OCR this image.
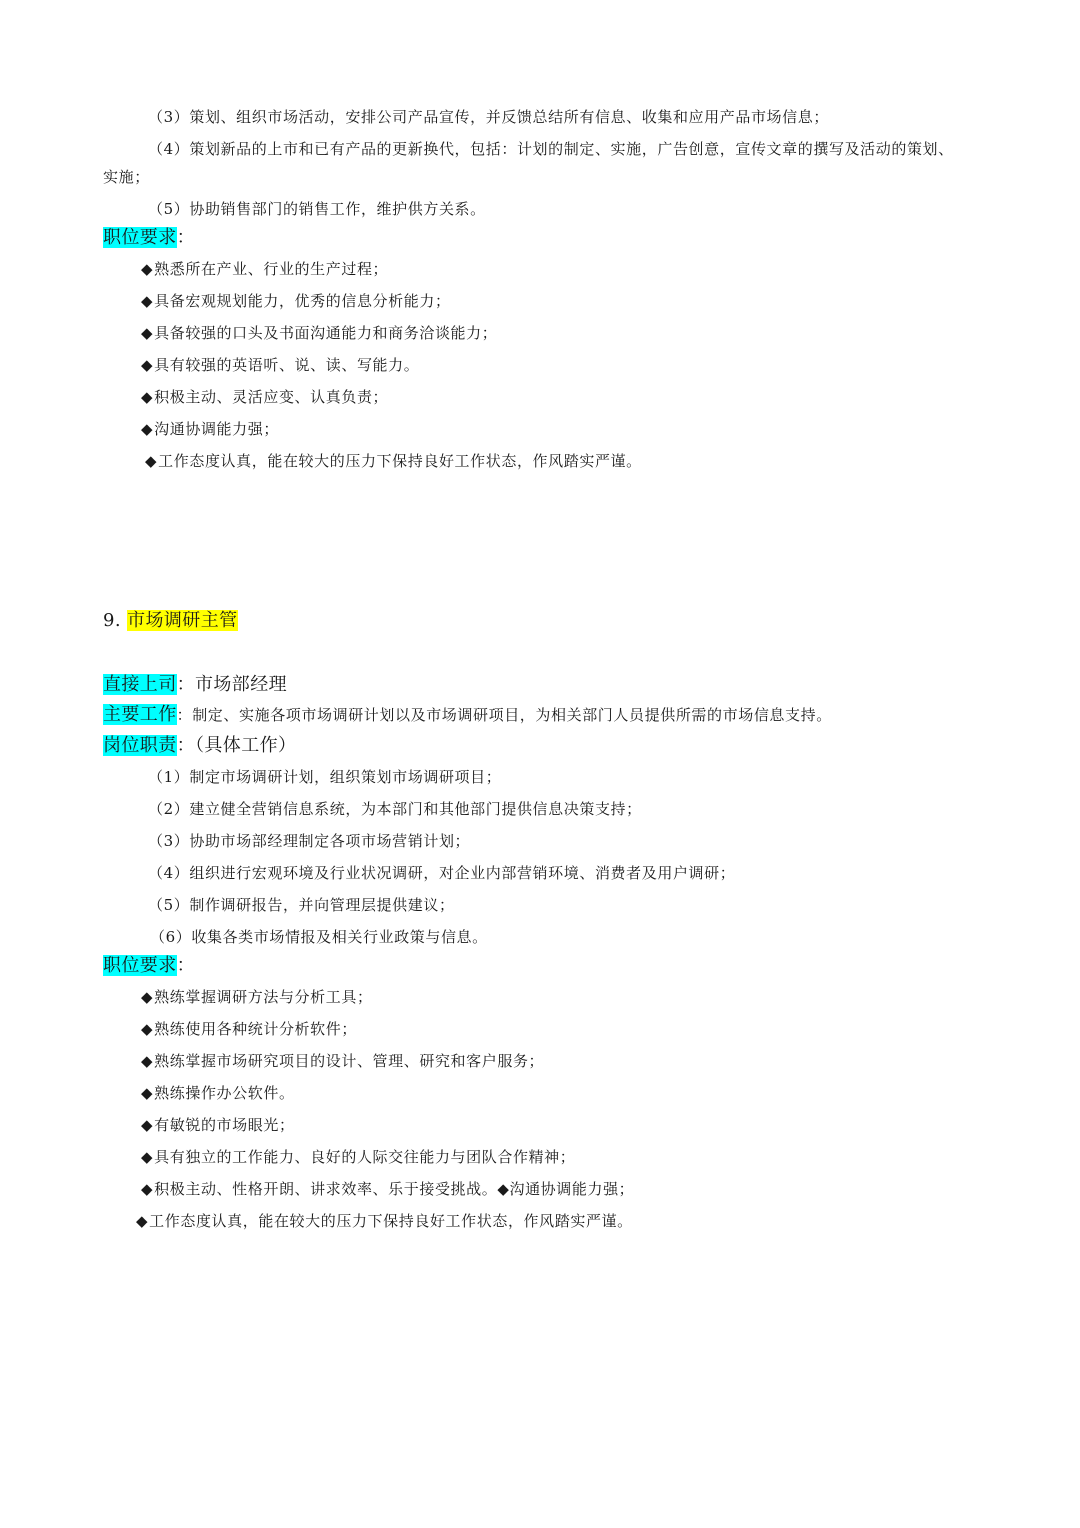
（3）策划、组织市场活动，安排公司产品宣传，并反馈总结所有信息、收集和应用产品市场信息；
（4）策划新品的上市和已有产品的更新换代，包括：计划的制定、实施，广告创意，宣传文章的撰写及活动的策划、
实施；
（5）协助销售部门的销售工作，维护供方关系。
职位要求：
◆熟悉所在产业、行业的生产过程；
◆具备宏观规划能力，优秀的信息分析能力；
◆具备较强的口头及书面沟通能力和商务洽谈能力；
◆具有较强的英语听、说、读、写能力。
◆积极主动、灵活应变、认真负责；
◆沟通协调能力强；
◆工作态度认真，能在较大的压力下保持良好工作状态，作风踏实严谨。
9. 市场调研主管
直接上司：市场部经理
主要工作：制定、实施各项市场调研计划以及市场调研项目，为相关部门人员提供所需的市场信息支持。
岗位职责：（具体工作）
（1）制定市场调研计划，组织策划市场调研项目；
（2）建立健全营销信息系统，为本部门和其他部门提供信息决策支持；
（3）协助市场部经理制定各项市场营销计划；
（4）组织进行宏观环境及行业状况调研，对企业内部营销环境、消费者及用户调研；
（5）制作调研报告，并向管理层提供建议；
（6）收集各类市场情报及相关行业政策与信息。
职位要求：
◆熟练掌握调研方法与分析工具；
◆熟练使用各种统计分析软件；
◆熟练掌握市场研究项目的设计、管理、研究和客户服务；
◆熟练操作办公软件。
◆有敏锐的市场眼光；
◆具有独立的工作能力、良好的人际交往能力与团队合作精神；
◆积极主动、性格开朗、讲求效率、乐于接受挑战。◆沟通协调能力强；
◆工作态度认真，能在较大的压力下保持良好工作状态，作风踏实严谨。
